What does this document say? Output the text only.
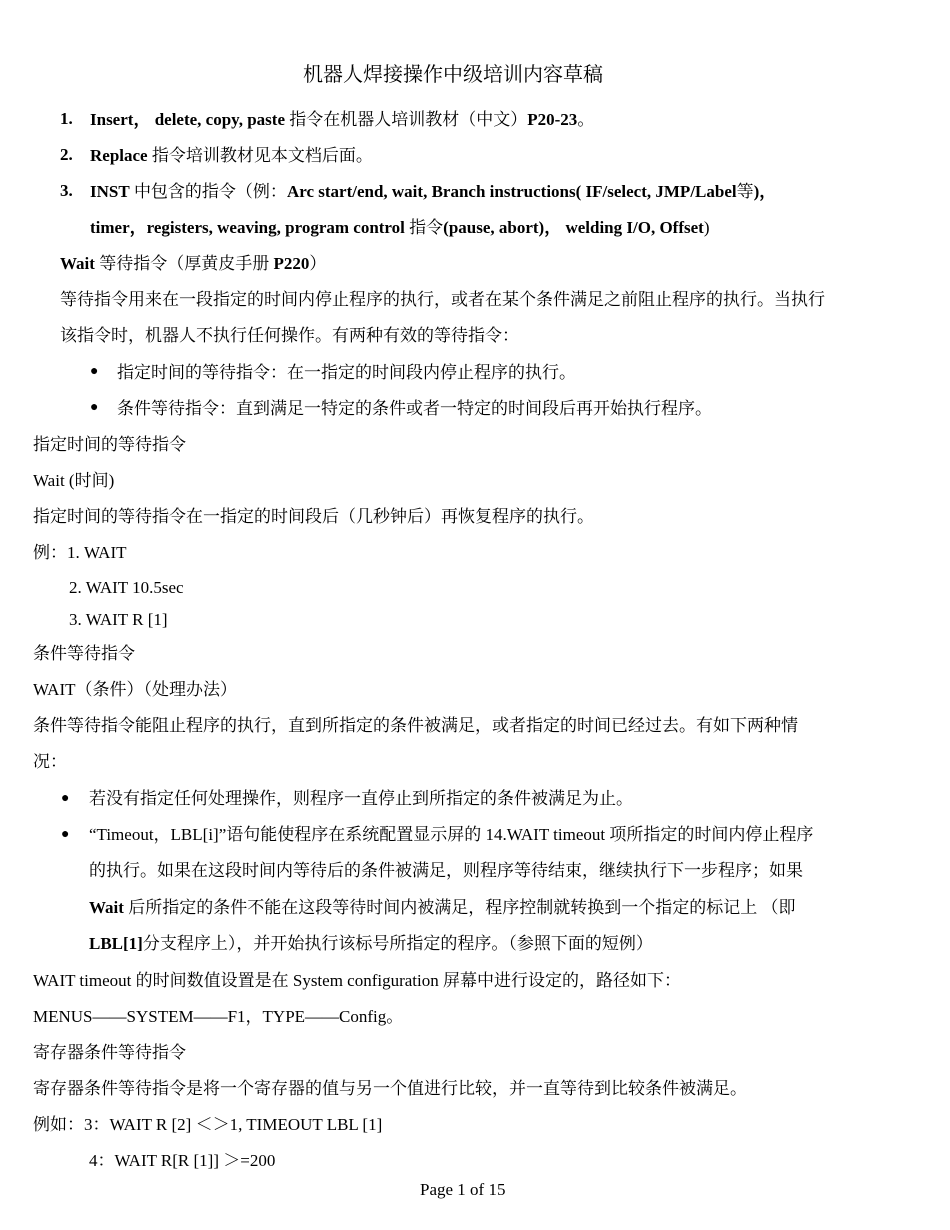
机器人焊接操作中级培训内容草稿
1. Insert， delete, copy, paste 指令在机器人培训教材（中文）P20-23。
2. Replace 指令培训教材见本文档后面。
3. INST 中包含的指令（例：Arc start/end, wait, Branch instructions( IF/select, JMP/Label等)，
timer，registers, weaving, program control 指令(pause, abort)， welding I/O, Offset)
Wait 等待指令（厚黄皮手册 P220）
等待指令用来在一段指定的时间内停止程序的执行，或者在某个条件满足之前阻止程序的执行。当执行
该指令时，机器人不执行任何操作。有两种有效的等待指令：
● 指定时间的等待指令：在一指定的时间段内停止程序的执行。
● 条件等待指令：直到满足一特定的条件或者一特定的时间段后再开始执行程序。
指定时间的等待指令
Wait (时间)
指定时间的等待指令在一指定的时间段后（几秒钟后）再恢复程序的执行。
例：1. WAIT
2. WAIT 10.5sec
3. WAIT R [1]
条件等待指令
WAIT（条件）（处理办法）
条件等待指令能阻止程序的执行，直到所指定的条件被满足，或者指定的时间已经过去。有如下两种情
况：
● 若没有指定任何处理操作，则程序一直停止到所指定的条件被满足为止。
● “Timeout，LBL[i]”语句能使程序在系统配置显示屏的 14.WAIT timeout 项所指定的时间内停止程序
的执行。如果在这段时间内等待后的条件被满足，则程序等待结束，继续执行下一步程序；如果
Wait 后所指定的条件不能在这段等待时间内被满足，程序控制就转换到一个指定的标记上 （即
LBL[1]分支程序上），并开始执行该标号所指定的程序。（参照下面的短例）
WAIT timeout 的时间数值设置是在 System configuration 屏幕中进行设定的，路径如下：
MENUS——SYSTEM——F1，TYPE——Config。
寄存器条件等待指令
寄存器条件等待指令是将一个寄存器的值与另一个值进行比较，并一直等待到比较条件被满足。
例如：3：WAIT R [2] ＜＞1, TIMEOUT LBL [1]
4：WAIT R[R [1]] ＞=200
Page 1 of 15
